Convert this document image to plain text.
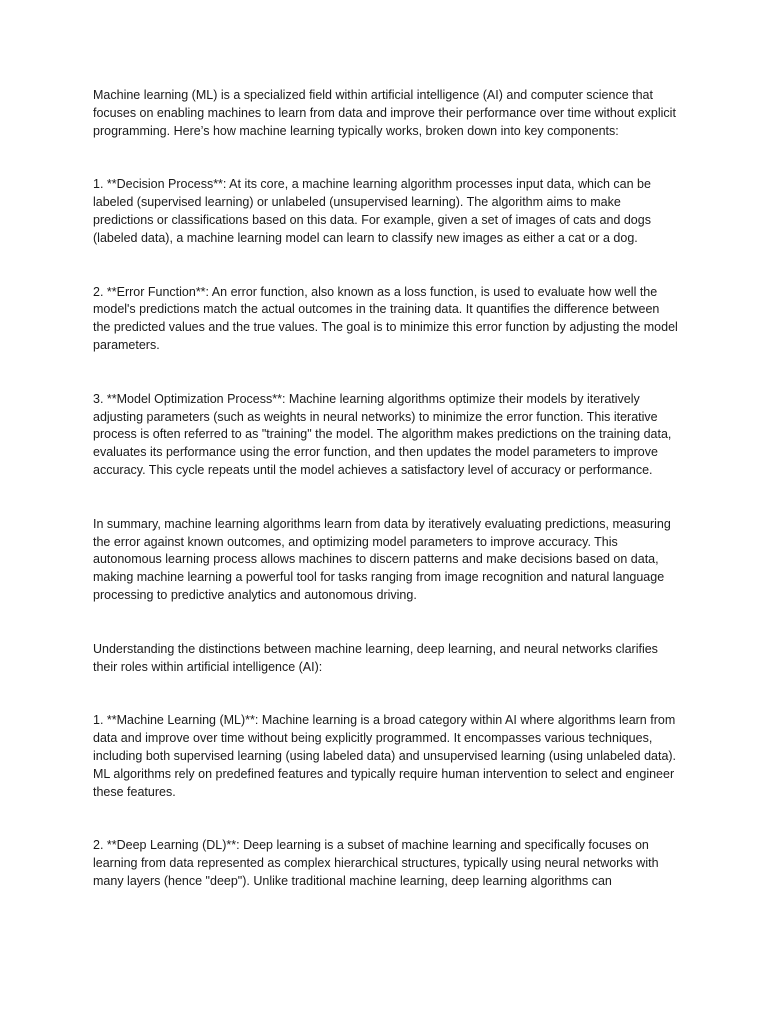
Machine learning (ML) is a specialized field within artificial intelligence (AI) and computer science that focuses on enabling machines to learn from data and improve their performance over time without explicit programming. Here’s how machine learning typically works, broken down into key components:

1. **Decision Process**: At its core, a machine learning algorithm processes input data, which can be labeled (supervised learning) or unlabeled (unsupervised learning). The algorithm aims to make predictions or classifications based on this data. For example, given a set of images of cats and dogs (labeled data), a machine learning model can learn to classify new images as either a cat or a dog.

2. **Error Function**: An error function, also known as a loss function, is used to evaluate how well the model's predictions match the actual outcomes in the training data. It quantifies the difference between the predicted values and the true values. The goal is to minimize this error function by adjusting the model parameters.

3. **Model Optimization Process**: Machine learning algorithms optimize their models by iteratively adjusting parameters (such as weights in neural networks) to minimize the error function. This iterative process is often referred to as "training" the model. The algorithm makes predictions on the training data, evaluates its performance using the error function, and then updates the model parameters to improve accuracy. This cycle repeats until the model achieves a satisfactory level of accuracy or performance.

In summary, machine learning algorithms learn from data by iteratively evaluating predictions, measuring the error against known outcomes, and optimizing model parameters to improve accuracy. This autonomous learning process allows machines to discern patterns and make decisions based on data, making machine learning a powerful tool for tasks ranging from image recognition and natural language processing to predictive analytics and autonomous driving.

Understanding the distinctions between machine learning, deep learning, and neural networks clarifies their roles within artificial intelligence (AI):

1. **Machine Learning (ML)**: Machine learning is a broad category within AI where algorithms learn from data and improve over time without being explicitly programmed. It encompasses various techniques, including both supervised learning (using labeled data) and unsupervised learning (using unlabeled data). ML algorithms rely on predefined features and typically require human intervention to select and engineer these features.

2. **Deep Learning (DL)**: Deep learning is a subset of machine learning and specifically focuses on learning from data represented as complex hierarchical structures, typically using neural networks with many layers (hence "deep"). Unlike traditional machine learning, deep learning algorithms can
